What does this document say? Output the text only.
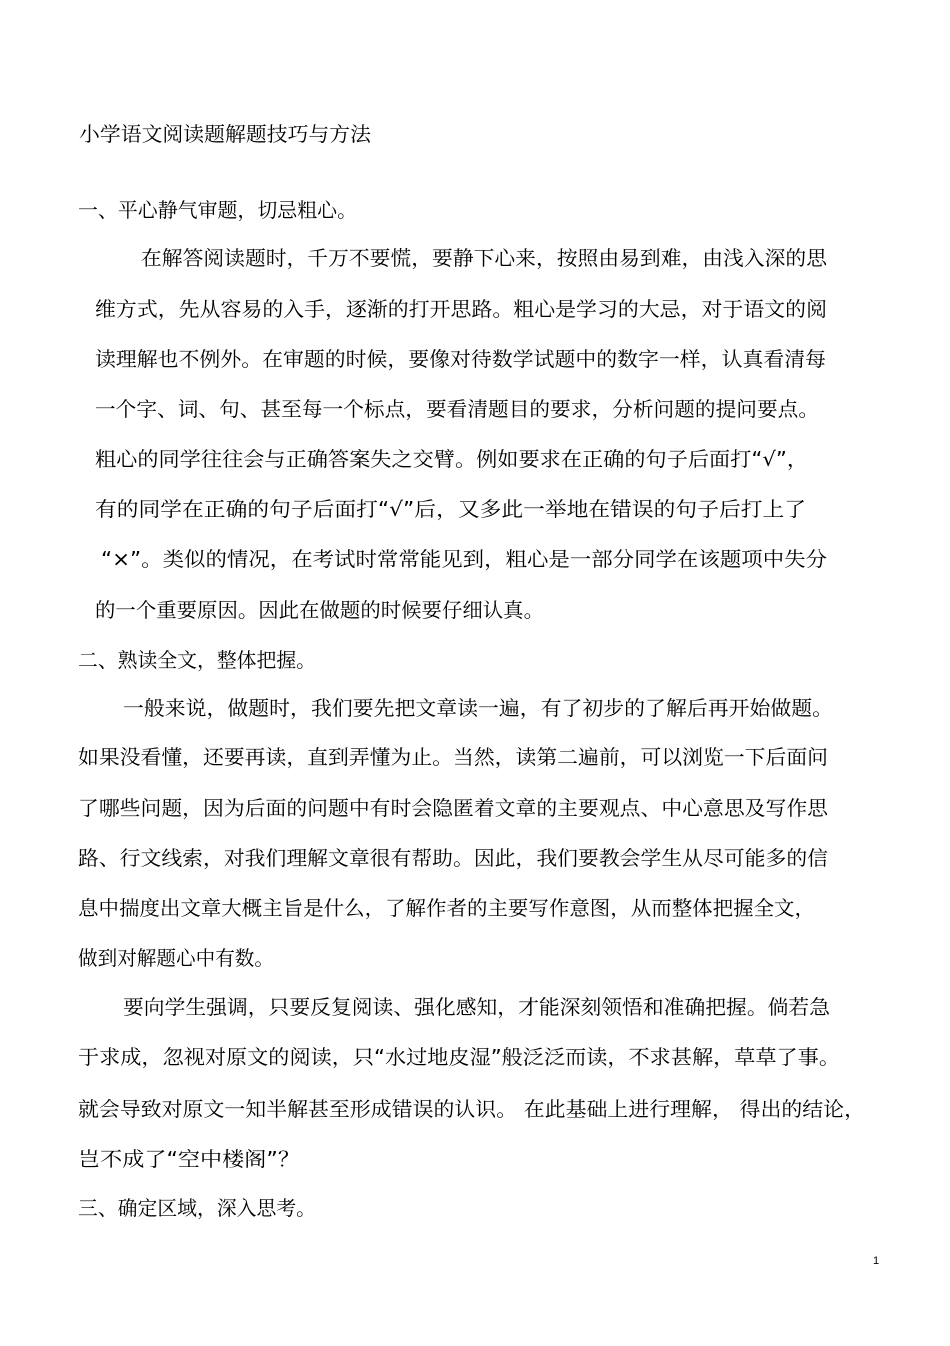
小学语文阅读题解题技巧与方法
一、平心静气审题，切忌粗心。
在解答阅读题时，千万不要慌，要静下心来，按照由易到难，由浅入深的思
维方式，先从容易的入手，逐渐的打开思路。粗心是学习的大忌，对于语文的阅
读理解也不例外。在审题的时候，要像对待数学试题中的数字一样，认真看清每
一个字、词、句、甚至每一个标点，要看清题目的要求，分析问题的提问要点。
粗心的同学往往会与正确答案失之交臂。例如要求在正确的句子后面打“√”，
有的同学在正确的句子后面打“√”后，又多此一举地在错误的句子后打上了
“×”。类似的情况，在考试时常常能见到，粗心是一部分同学在该题项中失分
的一个重要原因。因此在做题的时候要仔细认真。
二、熟读全文，整体把握。
一般来说，做题时，我们要先把文章读一遍，有了初步的了解后再开始做题。
如果没看懂，还要再读，直到弄懂为止。当然，读第二遍前，可以浏览一下后面问
了哪些问题，因为后面的问题中有时会隐匿着文章的主要观点、中心意思及写作思
路、行文线索，对我们理解文章很有帮助。因此，我们要教会学生从尽可能多的信
息中揣度出文章大概主旨是什么，了解作者的主要写作意图，从而整体把握全文，
做到对解题心中有数。
要向学生强调，只要反复阅读、强化感知，才能深刻领悟和准确把握。倘若急
于求成，忽视对原文的阅读，只“水过地皮湿”般泛泛而读，不求甚解，草草了事。
就会导致对原文一知半解甚至形成错误的认识。 在此基础上进行理解， 得出的结论，
岂不成了“空中楼阁”？
三、确定区域，深入思考。
1
